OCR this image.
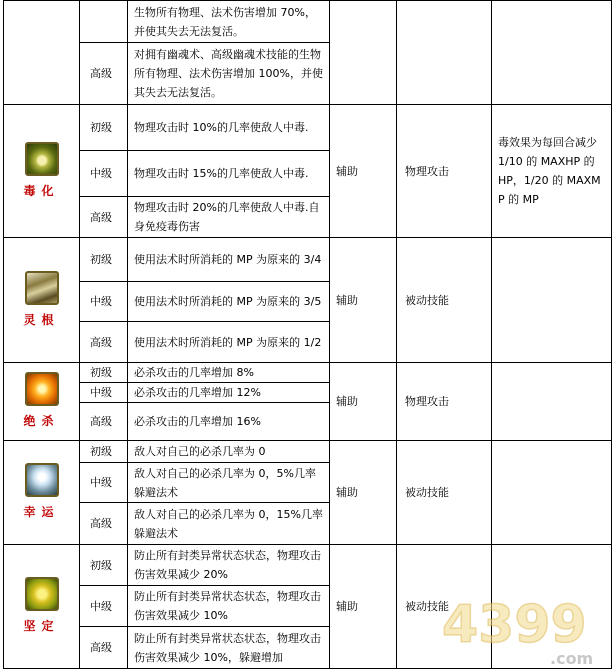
		生物所有物理、法术伤害增加 70%，并使其失去无法复活。			
	高级	对拥有幽魂术、高级幽魂术技能的生物所有物理、法术伤害增加 100%，并使其失去无法复活。			

毒化	初级	物理攻击时 10%的几率使敌人中毒.	辅助	物理攻击	毒效果为每回合减少 1/10 的 MAXHP 的 HP，1/20 的 MAXMP 的 MP
	中级	物理攻击时 15%的几率使敌人中毒.			
	高级	物理攻击时 20%的几率使敌人中毒.自身免疫毒伤害			

灵根	初级	使用法术时所消耗的 MP 为原来的 3/4	辅助	被动技能	
	中级	使用法术时所消耗的 MP 为原来的 3/5			
	高级	使用法术时所消耗的 MP 为原来的 1/2			

绝杀	初级	必杀攻击的几率增加 8%	辅助	物理攻击	
	中级	必杀攻击的几率增加 12%			
	高级	必杀攻击的几率增加 16%			

幸运	初级	敌人对自己的必杀几率为 0	辅助	被动技能	
	中级	敌人对自己的必杀几率为 0，5%几率躲避法术			
	高级	敌人对自己的必杀几率为 0，15%几率躲避法术			

坚定	初级	防止所有封类异常状态状态，物理攻击伤害效果减少 20%	辅助	被动技能	
	中级	防止所有封类异常状态状态，物理攻击伤害效果减少 10%			
	高级	防止所有封类异常状态状态，物理攻击伤害效果减少 10%，躲避增加			
4399
.com
